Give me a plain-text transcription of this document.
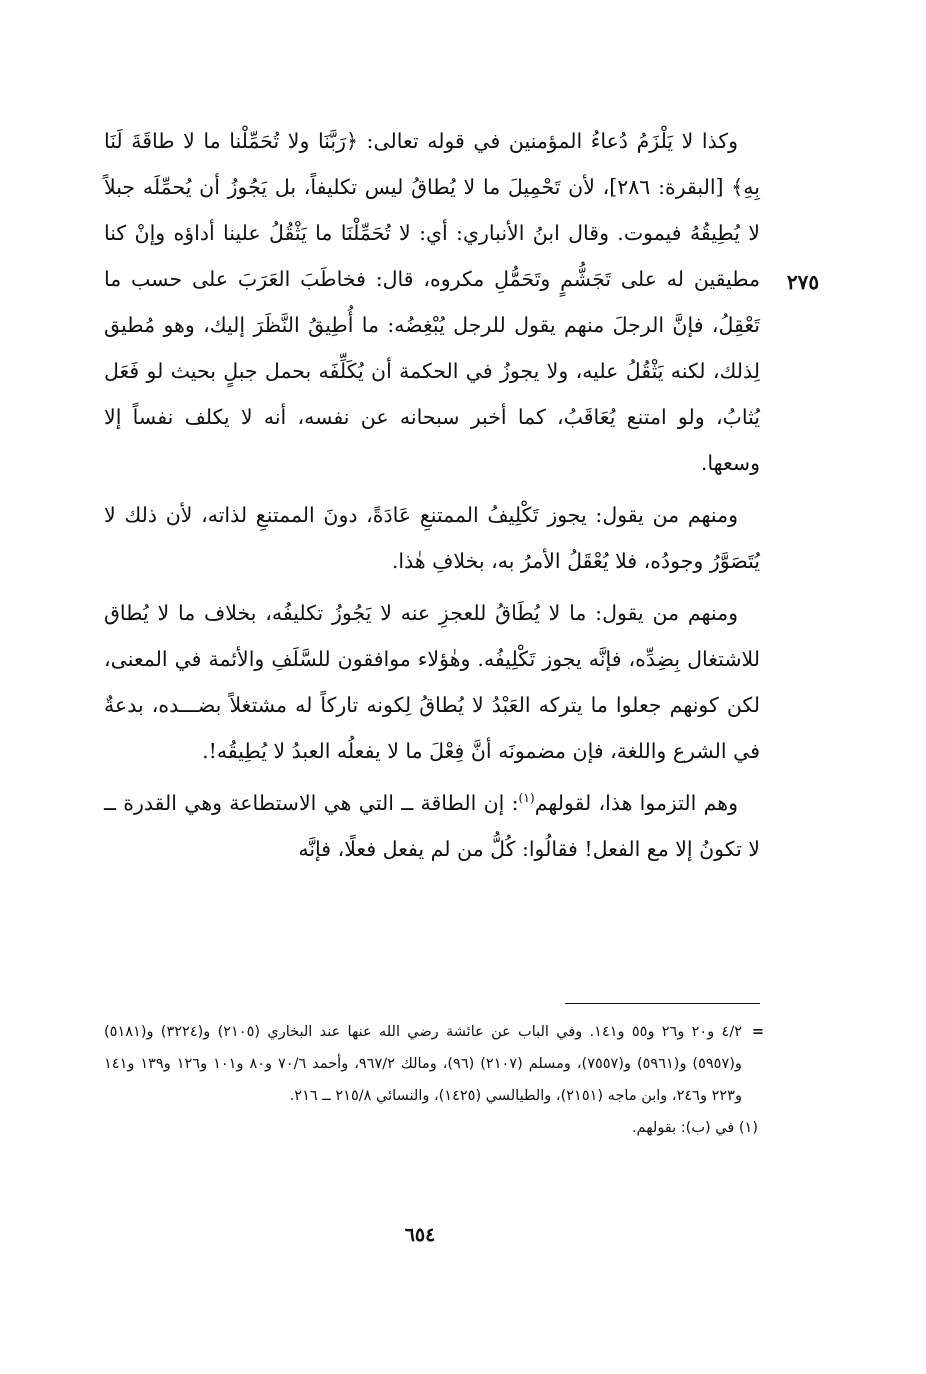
٢٧٥

وكذا لا يَلْزَمُ دُعاءُ المؤمنين في قوله تعالى: ﴿رَبَّنَا ولا تُحَمِّلْنا ما لا طاقَةَ لَنَا بِهِ﴾ [البقرة: ٢٨٦]، لأن تَحْمِيلَ ما لا يُطاقُ ليس تكليفاً، بل يَجُوزُ أن يُحمِّلَه جبلاً لا يُطِيقُهُ فيموت. وقال ابنُ الأنباري: أي: لا تُحَمِّلْنَا ما يَثْقُلُ علينا أداؤه وإنْ كنا مطيقين له على تَجَشُّمٍ وتَحَمُّلِ مكروه، قال: فخاطَبَ العَرَبَ على حسب ما تَعْقِلُ، فإنَّ الرجلَ منهم يقول للرجل يُبْغِضُه: ما أُطِيقُ النَّظَرَ إليك، وهو مُطيق لِذلك، لكنه يَثْقُلُ عليه، ولا يجوزُ في الحكمة أن يُكَلِّفَه بحمل جبلٍ بحيث لو فَعَل يُثابُ، ولو امتنع يُعَاقَبُ، كما أخبر سبحانه عن نفسه، أنه لا يكلف نفساً إلا وسعها.

ومنهم من يقول: يجوز تَكْلِيفُ الممتنعِ عَادَةً، دونَ الممتنعِ لذاته، لأن ذلك لا يُتَصَوَّرُ وجودُه، فلا يُعْقَلُ الأمرُ به، بخلافِ هٰذا.

ومنهم من يقول: ما لا يُطَاقُ للعجزِ عنه لا يَجُوزُ تكليفُه، بخلاف ما لا يُطاق للاشتغال بِضِدِّه، فإنَّه يجوز تَكْلِيفُه. وهٰؤلاء موافقون للسَّلَفِ والأئمة في المعنى، لكن كونهم جعلوا ما يتركه العَبْدُ لا يُطاقُ لِكونه تاركاً له مشتغلاً بضـــده، بدعةٌ في الشرع واللغة، فإن مضمونَه أنَّ فِعْلَ ما لا يفعلُه العبدُ لا يُطِيقُه!.

وهم التزموا هذا، لقولهم$^{(١)}$: إن الطاقة ــ التي هي الاستطاعة وهي القدرة ــ لا تكونُ إلا مع الفعل! فقالُوا: كُلُّ من لم يفعل فعلًا، فإنَّه

=
٤/٢ و٢٠ و٢٦ و٥٥ و١٤١. وفي الباب عن عائشة رضي الله عنها عند البخاري (٢١٠٥) و(٣٢٢٤) و(٥١٨١) و(٥٩٥٧) و(٥٩٦١) و(٧٥٥٧)، ومسلم (٢١٠٧) (٩٦)، ومالك ٩٦٧/٢، وأحمد ٧٠/٦ و٨٠ و١٠١ و١٢٦ و١٣٩ و١٤١ و٢٢٣ و٢٤٦، وابن ماجه (٢١٥١)، والطيالسي (١٤٢٥)، والنسائي ٢١٥/٨ ــ ٢١٦.

(١) في (ب): بقولهم.

٦٥٤
